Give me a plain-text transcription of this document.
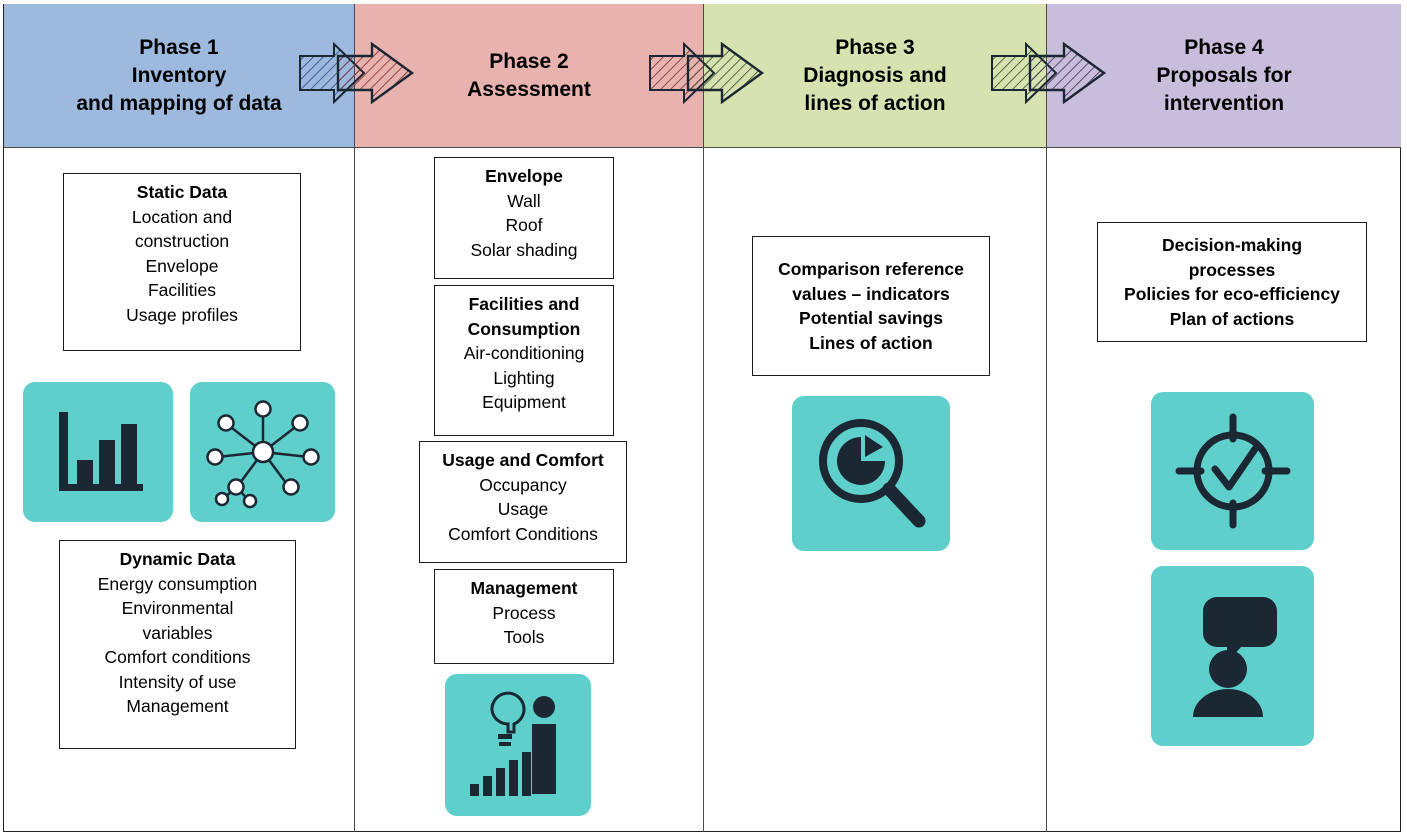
Phase 1
Inventory
and mapping of data
Static Data
Location and
construction
Envelope
Facilities
Usage profiles
Dynamic Data
Energy consumption
Environmental
variables
Comfort conditions
Intensity of use
Management
Phase 2
Assessment
Envelope
Wall
Roof
Solar shading
Facilities and
Consumption
Air-conditioning
Lighting
Equipment
Usage and Comfort
Occupancy
Usage
Comfort Conditions
Management
Process
Tools
Phase 3
Diagnosis and
lines of action
Comparison reference
values – indicators
Potential savings
Lines of action
Phase 4
Proposals for
intervention
Decision-making
processes
Policies for eco-efficiency
Plan of actions
